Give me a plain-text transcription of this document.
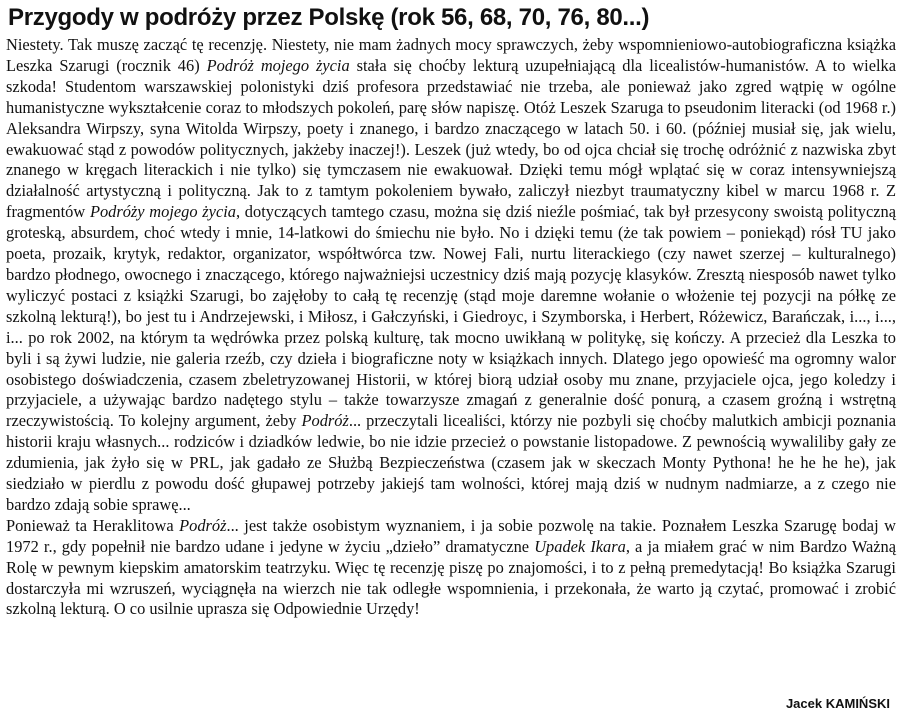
Przygody w podróży przez Polskę (rok 56, 68, 70, 76, 80...)

Niestety. Tak muszę zacząć tę recenzję. Niestety, nie mam żadnych mocy sprawczych, żeby wspomnieniowo-autobiograficzna książka Leszka Szarugi (rocznik 46) Podróż mojego życia stała się choćby lekturą uzupełniającą dla licealistów-humanistów. A to wielka szkoda! Studentom warszawskiej polonistyki dziś profesora przedstawiać nie trzeba, ale ponieważ jako zgred wątpię w ogólne humanistyczne wykształcenie coraz to młodszych pokoleń, parę słów napiszę. Otóż Leszek Szaruga to pseudonim literacki (od 1968 r.) Aleksandra Wirpszy, syna Witolda Wirpszy, poety i znanego, i bardzo znaczącego w latach 50. i 60. (później musiał się, jak wielu, ewakuować stąd z powodów politycznych, jakżeby inaczej!). Leszek (już wtedy, bo od ojca chciał się trochę odróżnić z nazwiska zbyt znanego w kręgach literackich i nie tylko) się tymczasem nie ewakuował. Dzięki temu mógł wplątać się w coraz intensywniejszą działalność artystyczną i polityczną. Jak to z tamtym pokoleniem bywało, zaliczył niezbyt traumatyczny kibel w marcu 1968 r. Z fragmentów Podróży mojego życia, dotyczących tamtego czasu, można się dziś nieźle pośmiać, tak był przesycony swoistą polityczną groteską, absurdem, choć wtedy i mnie, 14-latkowi do śmiechu nie było. No i dzięki temu (że tak powiem – poniekąd) rósł TU jako poeta, prozaik, krytyk, redaktor, organizator, współtwórca tzw. Nowej Fali, nurtu literackiego (czy nawet szerzej – kulturalnego) bardzo płodnego, owocnego i znaczącego, którego najważniejsi uczestnicy dziś mają pozycję klasyków. Zresztą niesposób nawet tylko wyliczyć postaci z książki Szarugi, bo zajęłoby to całą tę recenzję (stąd moje daremne wołanie o włożenie tej pozycji na półkę ze szkolną lekturą!), bo jest tu i Andrzejewski, i Miłosz, i Gałczyński, i Giedroyc, i Szymborska, i Herbert, Różewicz, Barańczak, i..., i..., i... po rok 2002, na którym ta wędrówka przez polską kulturę, tak mocno uwikłaną w politykę, się kończy. A przecież dla Leszka to byli i są żywi ludzie, nie galeria rzeźb, czy dzieła i biograficzne noty w książkach innych. Dlatego jego opowieść ma ogromny walor osobistego doświadczenia, czasem zbeletryzowanej Historii, w której biorą udział osoby mu znane, przyjaciele ojca, jego koledzy i przyjaciele, a używając bardzo nadętego stylu – także towarzysze zmagań z generalnie dość ponurą, a czasem groźną i wstrętną rzeczywistością. To kolejny argument, żeby Podróż... przeczytali licealiści, którzy nie pozbyli się choćby malutkich ambicji poznania historii kraju własnych... rodziców i dziadków ledwie, bo nie idzie przecież o powstanie listopadowe. Z pewnością wywaliliby gały ze zdumienia, jak żyło się w PRL, jak gadało ze Służbą Bezpieczeństwa (czasem jak w skeczach Monty Pythona! he he he he), jak siedziało w pierdlu z powodu dość głupawej potrzeby jakiejś tam wolności, której mają dziś w nudnym nadmiarze, a z czego nie bardzo zdają sobie sprawę...

Ponieważ ta Heraklitowa Podróż... jest także osobistym wyznaniem, i ja sobie pozwolę na takie. Poznałem Leszka Szarugę bodaj w 1972 r., gdy popełnił nie bardzo udane i jedyne w życiu „dzieło” dramatyczne Upadek Ikara, a ja miałem grać w nim Bardzo Ważną Rolę w pewnym kiepskim amatorskim teatrzyku. Więc tę recenzję piszę po znajomości, i to z pełną premedytacją! Bo książka Szarugi dostarczyła mi wzruszeń, wyciągnęła na wierzch nie tak odległe wspomnienia, i przekonała, że warto ją czytać, promować i zrobić szkolną lekturą. O co usilnie uprasza się Odpowiednie Urzędy!

Jacek KAMIŃSKI
